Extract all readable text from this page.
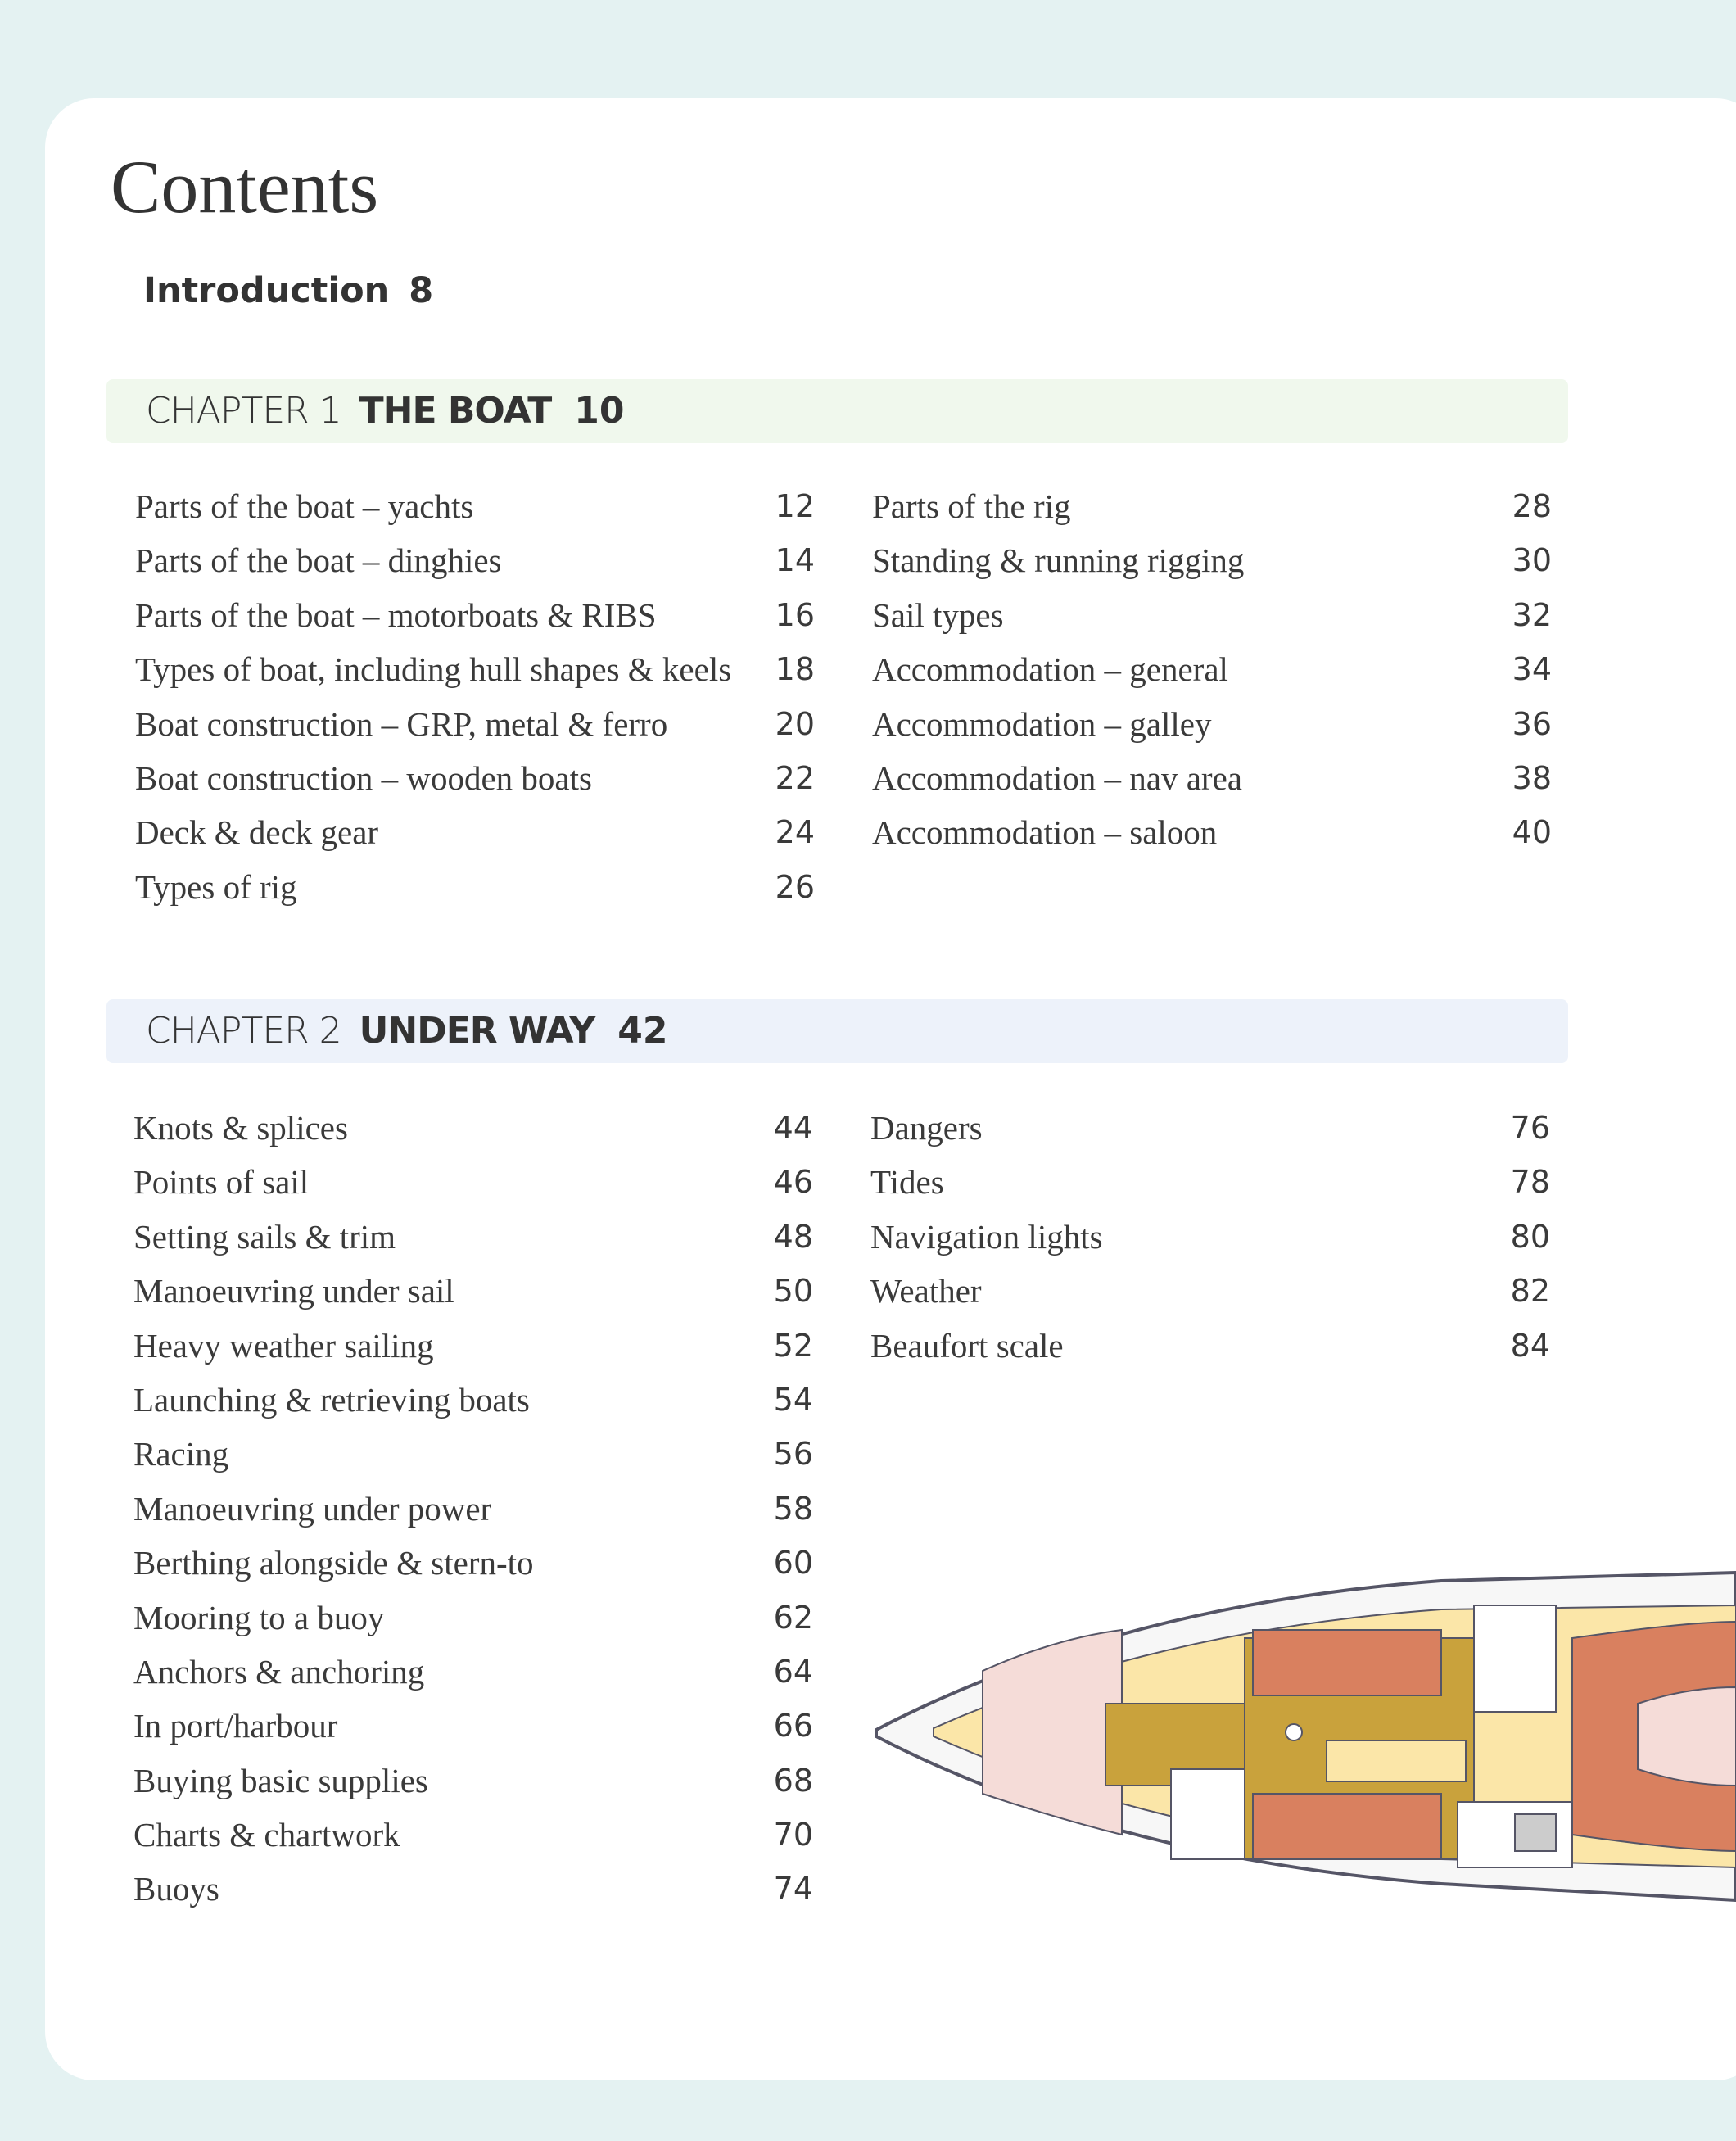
Contents
Introduction 8
CHAPTER 1 THE BOAT 10
Parts of the boat – yachts	12
Parts of the boat – dinghies	14
Parts of the boat – motorboats & RIBS	16
Types of boat, including hull shapes & keels 18
Boat construction – GRP, metal & ferro	20
Boat construction – wooden boats	22
Deck & deck gear	24
Types of rig	26
Parts of the rig	28
Standing & running rigging	30
Sail types	32
Accommodation – general	34
Accommodation – galley	36
Accommodation – nav area	38
Accommodation – saloon	40
CHAPTER 2 UNDER WAY 42
Knots & splices	44
Points of sail	46
Setting sails & trim	48
Manoeuvring under sail	50
Heavy weather sailing	52
Launching & retrieving boats	54
Racing	56
Manoeuvring under power	58
Berthing alongside & stern-to	60
Mooring to a buoy	62
Anchors & anchoring	64
In port/harbour	66
Buying basic supplies	68
Charts & chartwork	70
Buoys	74
Dangers	76
Tides	78
Navigation lights	80
Weather	82
Beaufort scale	84
